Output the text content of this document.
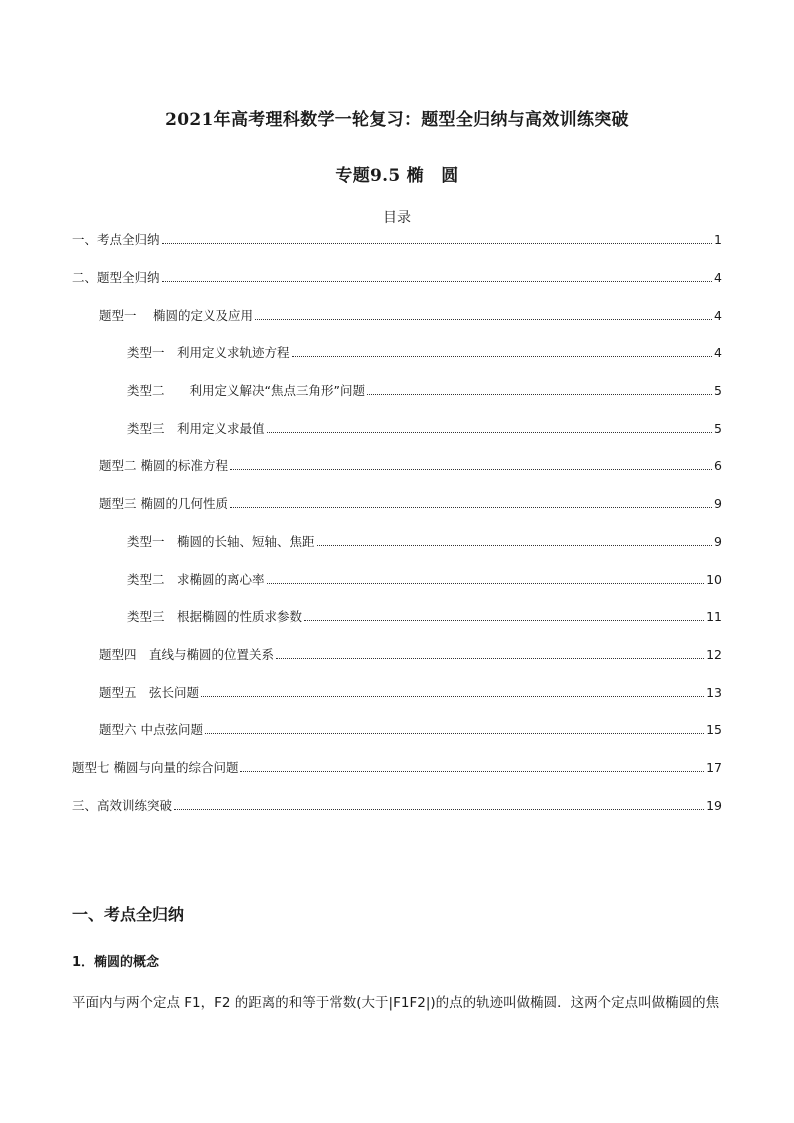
2021年高考理科数学一轮复习：题型全归纳与高效训练突破
专题9.5 椭　圆
目录
一、考点全归纳	1
二、题型全归纳	4
题型一　 椭圆的定义及应用	4
类型一　利用定义求轨迹方程	4
类型二　　利用定义解决“焦点三角形”问题	5
类型三　利用定义求最值	5
题型二 椭圆的标准方程	6
题型三 椭圆的几何性质	9
类型一　椭圆的长轴、短轴、焦距	9
类型二　求椭圆的离心率	10
类型三　根据椭圆的性质求参数	11
题型四　直线与椭圆的位置关系	12
题型五　弦长问题	13
题型六 中点弦问题	15
题型七 椭圆与向量的综合问题	17
三、高效训练突破	19
一、考点全归纳
1．椭圆的概念
平面内与两个定点 F1，F2 的距离的和等于常数(大于|F1F2|)的点的轨迹叫做椭圆．这两个定点叫做椭圆的焦
